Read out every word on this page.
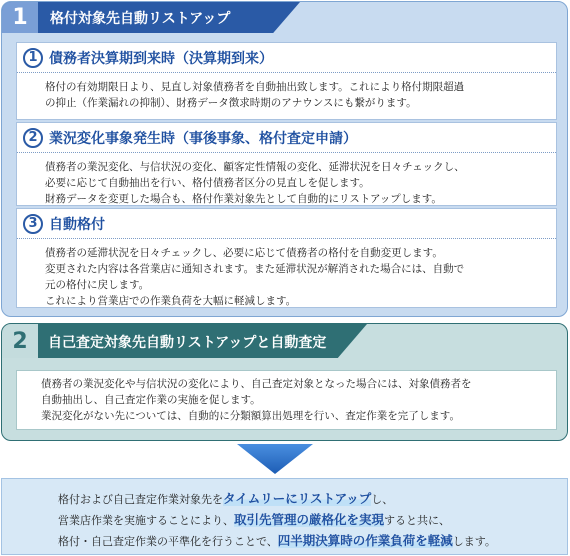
1	格付対象先自動リストアップ
1 債務者決算期到来時（決算期到来）

格付の有効期限日より、見直し対象債務者を自動抽出致します。これにより格付期限超過

の抑止（作業漏れの抑制）、財務データ徴求時期のアナウンスにも繋がります。

2 業況変化事象発生時（事後事象、格付査定申請）

債務者の業況変化、与信状況の変化、顧客定性情報の変化、延滞状況を日々チェックし、

必要に応じて自動抽出を行い、格付債務者区分の見直しを促します。

財務データを変更した場合も、格付作業対象先として自動的にリストアップします。

3 自動格付

債務者の延滞状況を日々チェックし、必要に応じて債務者の格付を自動変更します。

変更された内容は各営業店に通知されます。また延滞状況が解消された場合には、自動で

元の格付に戻します。

これにより営業店での作業負荷を大幅に軽減します。

2	自己査定対象先自動リストアップと自動査定

債務者の業況変化や与信状況の変化により、自己査定対象となった場合には、対象債務者を

自動抽出し、自己査定作業の実施を促します。

業況変化がない先については、自動的に分類額算出処理を行い、査定作業を完了します。

格付および自己査定作業対象先をタイムリーにリストアップし、
営業店作業を実施することにより、取引先管理の厳格化を実現すると共に、
格付・自己査定作業の平準化を行うことで、四半期決算時の作業負荷を軽減します。
